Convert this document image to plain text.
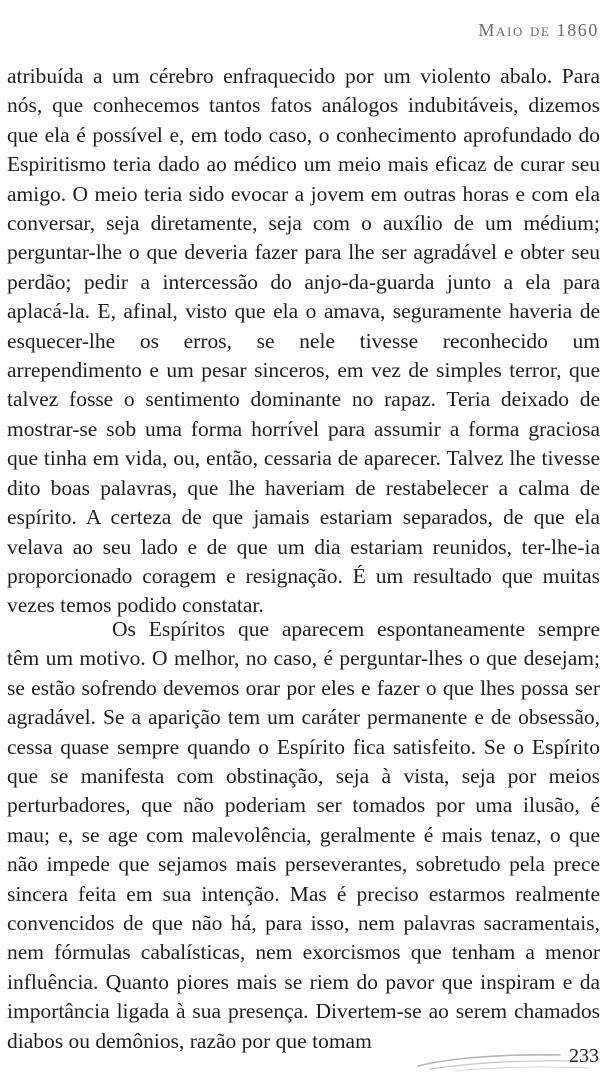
Maio de 1860

atribuída a um cérebro enfraquecido por um violento abalo. Para nós, que conhecemos tantos fatos análogos indubitáveis, dizemos que ela é possível e, em todo caso, o conhecimento aprofundado do Espiritismo teria dado ao médico um meio mais eficaz de curar seu amigo. O meio teria sido evocar a jovem em outras horas e com ela conversar, seja diretamente, seja com o auxílio de um médium; perguntar-lhe o que deveria fazer para lhe ser agradável e obter seu perdão; pedir a intercessão do anjo-da-guarda junto a ela para aplacá-la. E, afinal, visto que ela o amava, seguramente haveria de esquecer-lhe os erros, se nele tivesse reconhecido um arrependimento e um pesar sinceros, em vez de simples terror, que talvez fosse o sentimento dominante no rapaz. Teria deixado de mostrar-se sob uma forma horrível para assumir a forma graciosa que tinha em vida, ou, então, cessaria de aparecer. Talvez lhe tivesse dito boas palavras, que lhe haveriam de restabelecer a calma de espírito. A certeza de que jamais estariam separados, de que ela velava ao seu lado e de que um dia estariam reunidos, ter-lhe-ia proporcionado coragem e resignação. É um resultado que muitas vezes temos podido constatar.

Os Espíritos que aparecem espontaneamente sempre têm um motivo. O melhor, no caso, é perguntar-lhes o que desejam; se estão sofrendo devemos orar por eles e fazer o que lhes possa ser agradável. Se a aparição tem um caráter permanente e de obsessão, cessa quase sempre quando o Espírito fica satisfeito. Se o Espírito que se manifesta com obstinação, seja à vista, seja por meios perturbadores, que não poderiam ser tomados por uma ilusão, é mau; e, se age com malevolência, geralmente é mais tenaz, o que não impede que sejamos mais perseverantes, sobretudo pela prece sincera feita em sua intenção. Mas é preciso estarmos realmente convencidos de que não há, para isso, nem palavras sacramentais, nem fórmulas cabalísticas, nem exorcismos que tenham a menor influência. Quanto piores mais se riem do pavor que inspiram e da importância ligada à sua presença. Divertem-se ao serem chamados diabos ou demônios, razão por que tomam

233
